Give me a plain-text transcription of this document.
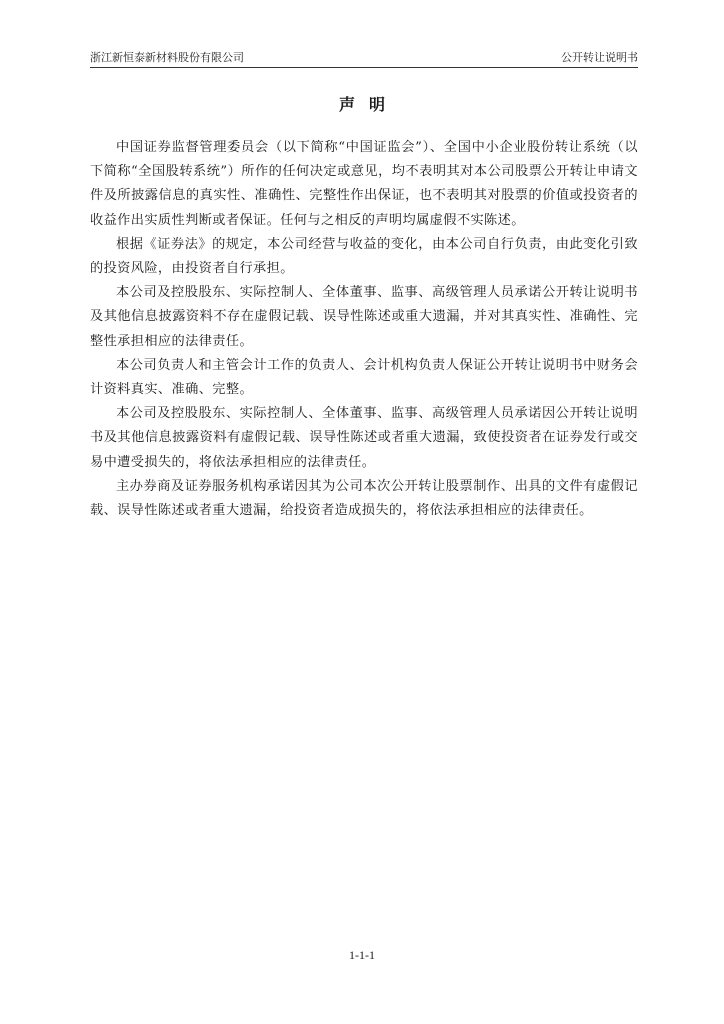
浙江新恒泰新材料股份有限公司	公开转让说明书
声明

中国证券监督管理委员会（以下简称“中国证监会”）、全国中小企业股份转让系统（以下简称“全国股转系统”）所作的任何决定或意见，均不表明其对本公司股票公开转让申请文件及所披露信息的真实性、准确性、完整性作出保证，也不表明其对股票的价值或投资者的收益作出实质性判断或者保证。任何与之相反的声明均属虚假不实陈述。

根据《证券法》的规定，本公司经营与收益的变化，由本公司自行负责，由此变化引致的投资风险，由投资者自行承担。

本公司及控股股东、实际控制人、全体董事、监事、高级管理人员承诺公开转让说明书及其他信息披露资料不存在虚假记载、误导性陈述或重大遗漏，并对其真实性、准确性、完整性承担相应的法律责任。

本公司负责人和主管会计工作的负责人、会计机构负责人保证公开转让说明书中财务会计资料真实、准确、完整。

本公司及控股股东、实际控制人、全体董事、监事、高级管理人员承诺因公开转让说明书及其他信息披露资料有虚假记载、误导性陈述或者重大遗漏，致使投资者在证券发行或交易中遭受损失的，将依法承担相应的法律责任。

主办券商及证券服务机构承诺因其为公司本次公开转让股票制作、出具的文件有虚假记载、误导性陈述或者重大遗漏，给投资者造成损失的，将依法承担相应的法律责任。

1-1-1
